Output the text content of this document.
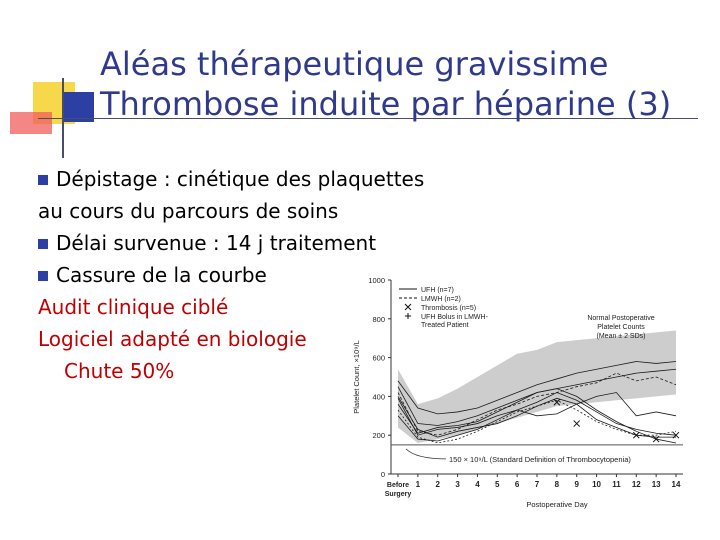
Aléas thérapeutique gravissime
Thrombose induite par héparine (3)
Dépistage : cinétique des plaquettes
au cours du parcours de soins
Délai survenue : 14 j traitement
Cassure de la courbe
Audit clinique ciblé
Logiciel adapté en biologie
Chute 50%
0
200
400
600
800
1000
Before
Surgery
1 2 3 4 5 6 7 8 9 10 11 12 13 14
Postoperative Day
Platelet Count, ×10⁹/L
150 × 10⁹/L (Standard Definition of Thrombocytopenia)
UFH (n=7)
LMWH (n=2)
Thrombosis (n=5)
UFH Bolus in LMWH-
Treated Patient
Normal Postoperative
Platelet Counts
(Mean ± 2 SDs)
